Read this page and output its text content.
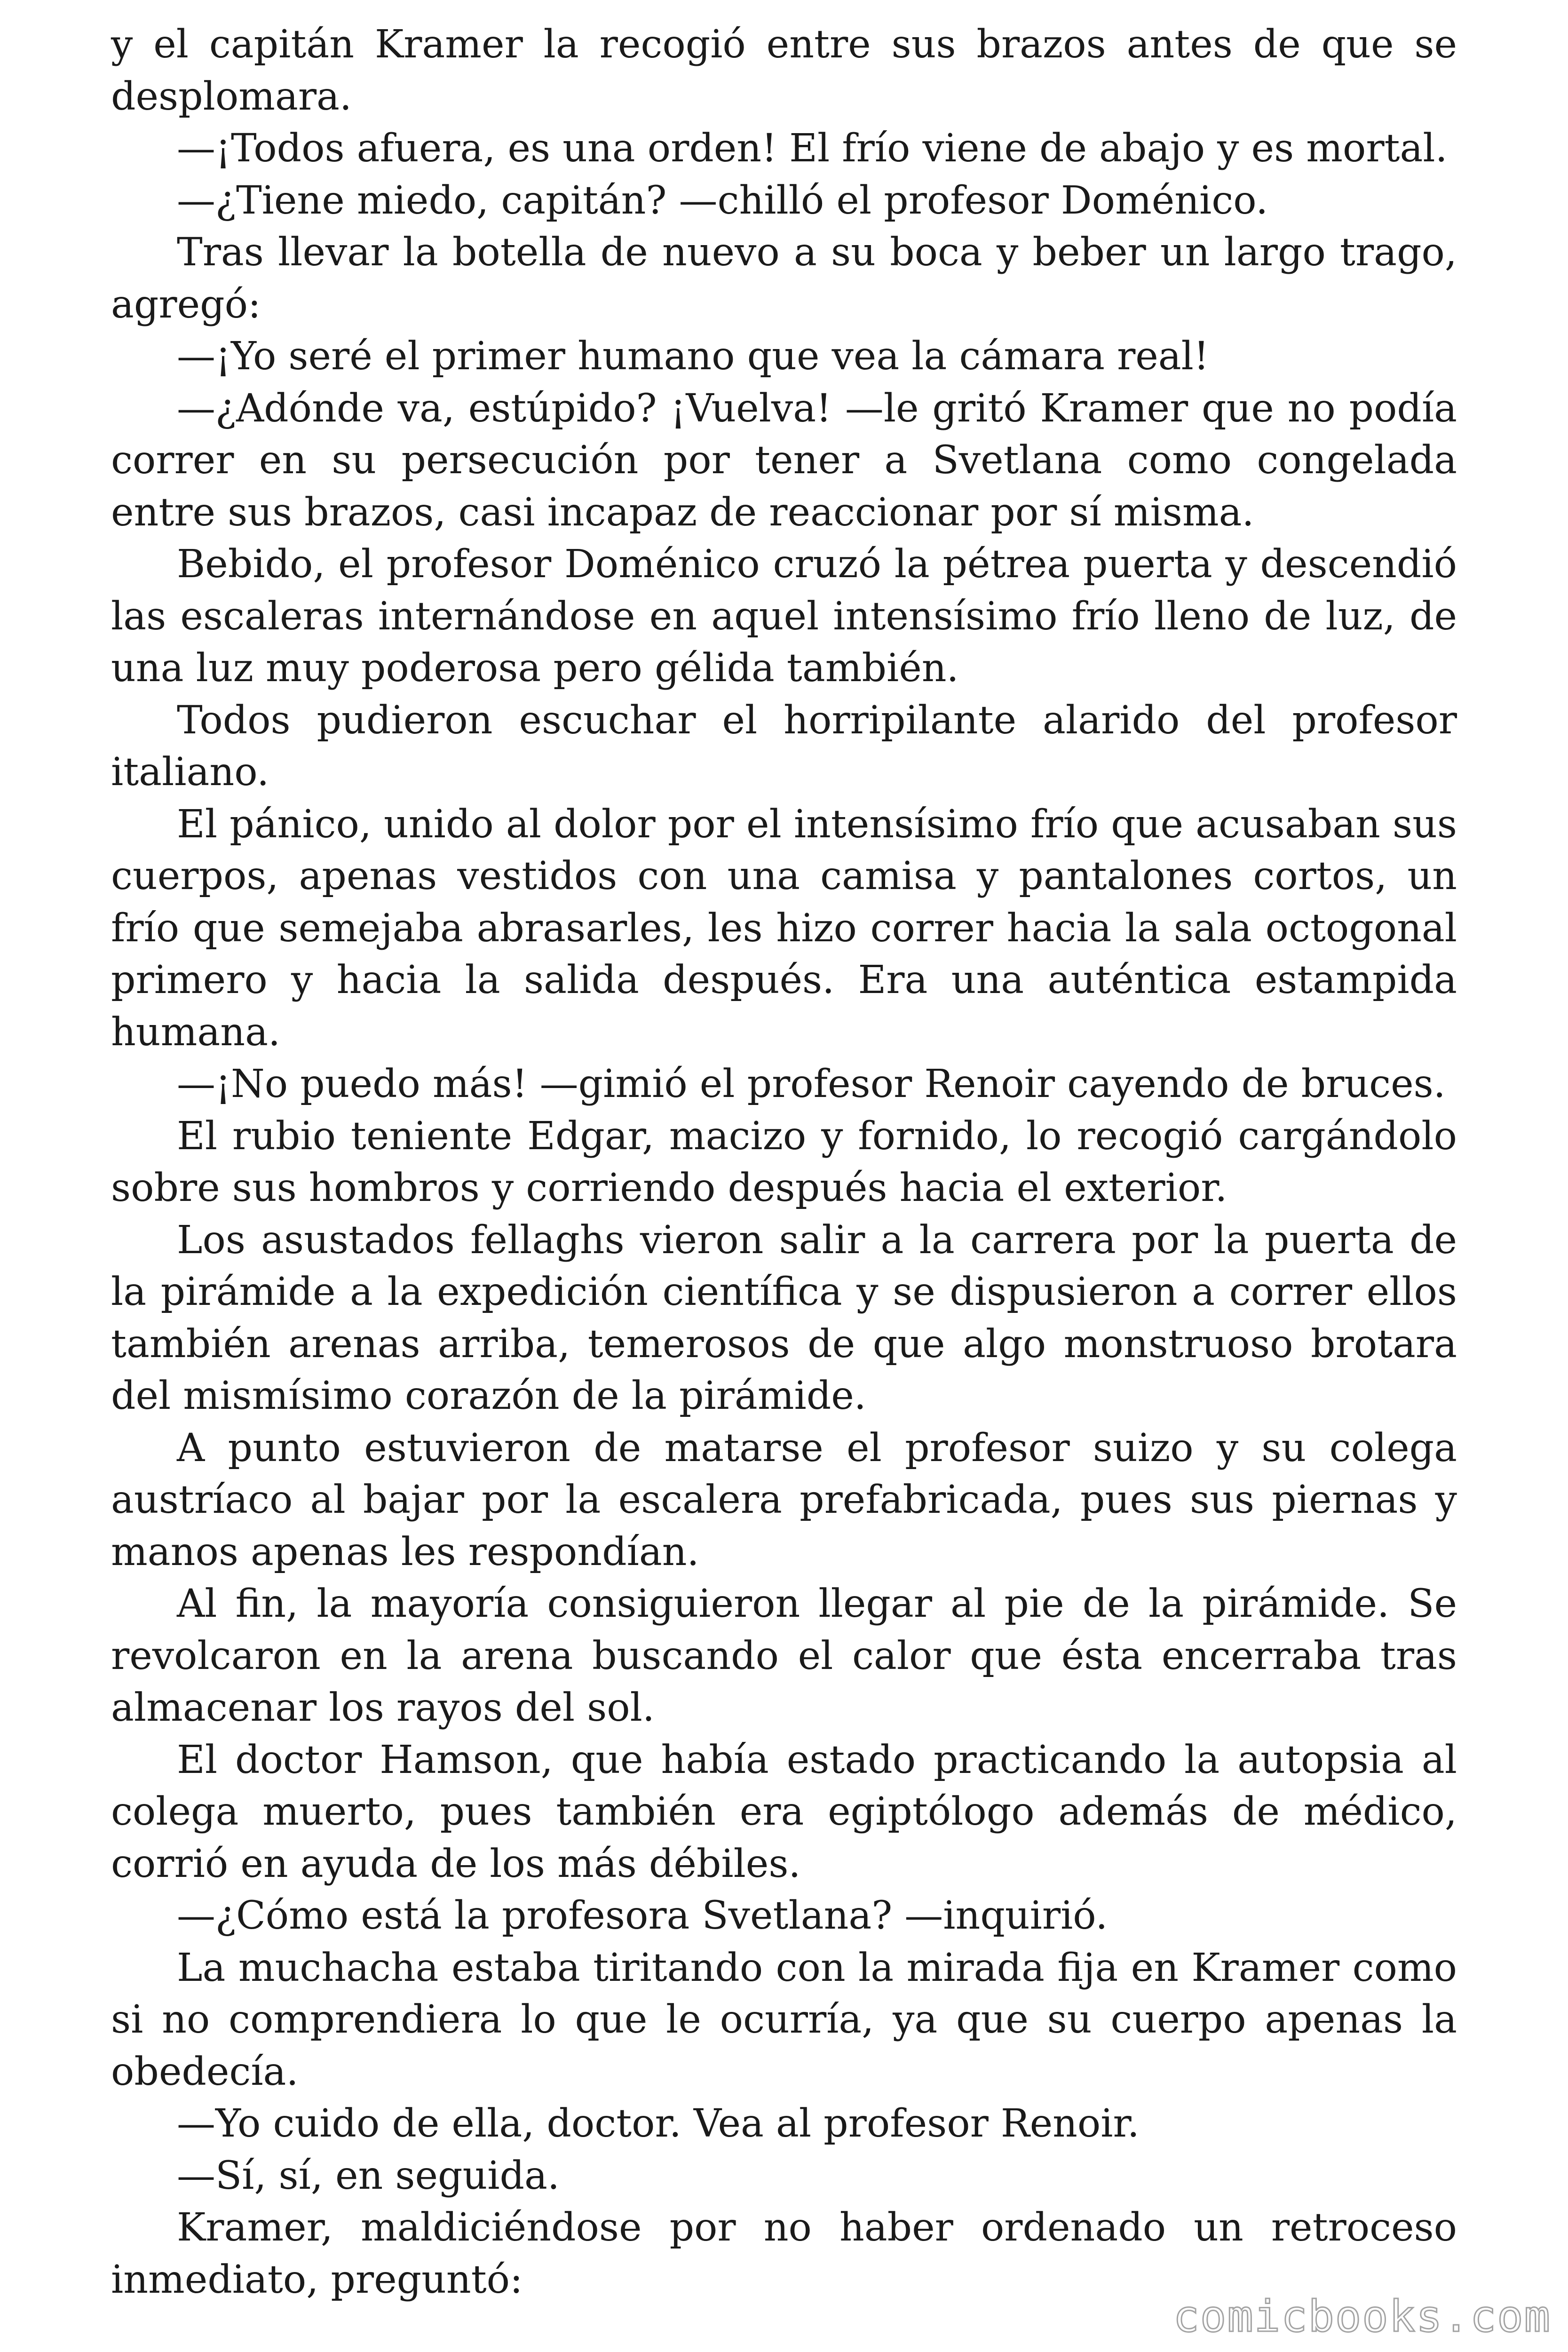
y el capitán Kramer la recogió entre sus brazos antes de que se desplomara.

—¡Todos afuera, es una orden! El frío viene de abajo y es mortal.

—¿Tiene miedo, capitán? —chilló el profesor Doménico.

Tras llevar la botella de nuevo a su boca y beber un largo trago, agregó:

—¡Yo seré el primer humano que vea la cámara real!

—¿Adónde va, estúpido? ¡Vuelva! —le gritó Kramer que no podía correr en su persecución por tener a Svetlana como congelada entre sus brazos, casi incapaz de reaccionar por sí misma.

Bebido, el profesor Doménico cruzó la pétrea puerta y descendió las escaleras internándose en aquel intensísimo frío lleno de luz, de una luz muy poderosa pero gélida también.

Todos pudieron escuchar el horripilante alarido del profesor italiano.

El pánico, unido al dolor por el intensísimo frío que acusaban sus cuerpos, apenas vestidos con una camisa y pantalones cortos, un frío que semejaba abrasarles, les hizo correr hacia la sala octogonal primero y hacia la salida después. Era una auténtica estampida humana.

—¡No puedo más! —gimió el profesor Renoir cayendo de bruces.

El rubio teniente Edgar, macizo y fornido, lo recogió cargándolo sobre sus hombros y corriendo después hacia el exterior.

Los asustados fellaghs vieron salir a la carrera por la puerta de la pirámide a la expedición científica y se dispusieron a correr ellos también arenas arriba, temerosos de que algo monstruoso brotara del mismísimo corazón de la pirámide.

A punto estuvieron de matarse el profesor suizo y su colega austríaco al bajar por la escalera prefabricada, pues sus piernas y manos apenas les respondían.

Al fin, la mayoría consiguieron llegar al pie de la pirámide. Se revolcaron en la arena buscando el calor que ésta encerraba tras almacenar los rayos del sol.

El doctor Hamson, que había estado practicando la autopsia al colega muerto, pues también era egiptólogo además de médico, corrió en ayuda de los más débiles.

—¿Cómo está la profesora Svetlana? —inquirió.

La muchacha estaba tiritando con la mirada fija en Kramer como si no comprendiera lo que le ocurría, ya que su cuerpo apenas la obedecía.

—Yo cuido de ella, doctor. Vea al profesor Renoir.

—Sí, sí, en seguida.

Kramer, maldiciéndose por no haber ordenado un retroceso inmediato, preguntó:

comicbooks.com
